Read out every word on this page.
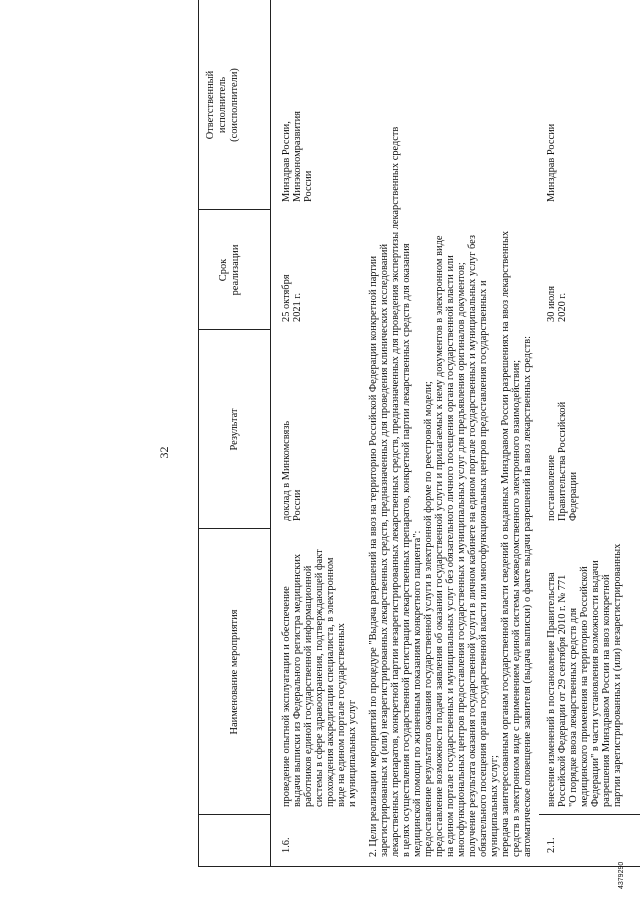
32
Наименование мероприятия
Результат
Срок реализации
Ответственный исполнитель (соисполнители)
1.6.
проведение опытной эксплуатации и обеспечение выдачи выписки из Федерального регистра медицинских работников единой государственной информационной системы в сфере здравоохранения, подтверждающей факт прохождения аккредитации специалиста, в электронном виде на едином портале государственных и муниципальных услуг
доклад в Минкомсвязь России
25 октября 2021 г.
Минздрав России, Минэкономразвития России
2. Цели реализации мероприятий по процедуре "Выдача разрешений на ввоз на территорию Российской Федерации конкретной партии зарегистрированных и (или) незарегистрированных лекарственных средств, предназначенных для проведения клинических исследований лекарственных препаратов, конкретной партии незарегистрированных лекарственных средств, предназначенных для проведения экспертизы лекарственных средств в целях осуществления государственной регистрации лекарственных препаратов, конкретной партии лекарственных средств для оказания медицинской помощи по жизненным показаниям конкретного пациента": предоставление результатов оказания государственной услуги в электронной форме по реестровой модели; предоставление возможности подачи заявления об оказании государственной услуги и прилагаемых к нему документов в электронном виде на едином портале государственных и муниципальных услуг без обязательного личного посещения органа государственной власти или многофункциональных центров предоставления государственных и муниципальных услуг для предъявления оригиналов документов; получение результата оказания государственной услуги в личном кабинете на едином портале государственных и муниципальных услуг без обязательного посещения органа государственной власти или многофункциональных центров предоставления государственных и муниципальных услуг; передача заинтересованным органам государственной власти сведений о выданных Минздравом России разрешениях на ввоз лекарственных средств в электронном виде с применением единой системы межведомственного электронного взаимодействия; автоматическое оповещение заявителя (выдача выписки) о факте выдачи разрешений на ввоз лекарственных средств: 2.1.
внесение изменений в постановление Правительства Российской Федерации от 29 сентября 2010 г. № 771 "О порядке ввоза лекарственных средств для медицинского применения на территорию Российской Федерации" в части установления возможности выдачи разрешения Минздравом России на ввоз конкретной партии зарегистрированных и (или) незарегистрированных
постановление Правительства Российской Федерации
30 июля 2020 г.
Минздрав России
4379290
